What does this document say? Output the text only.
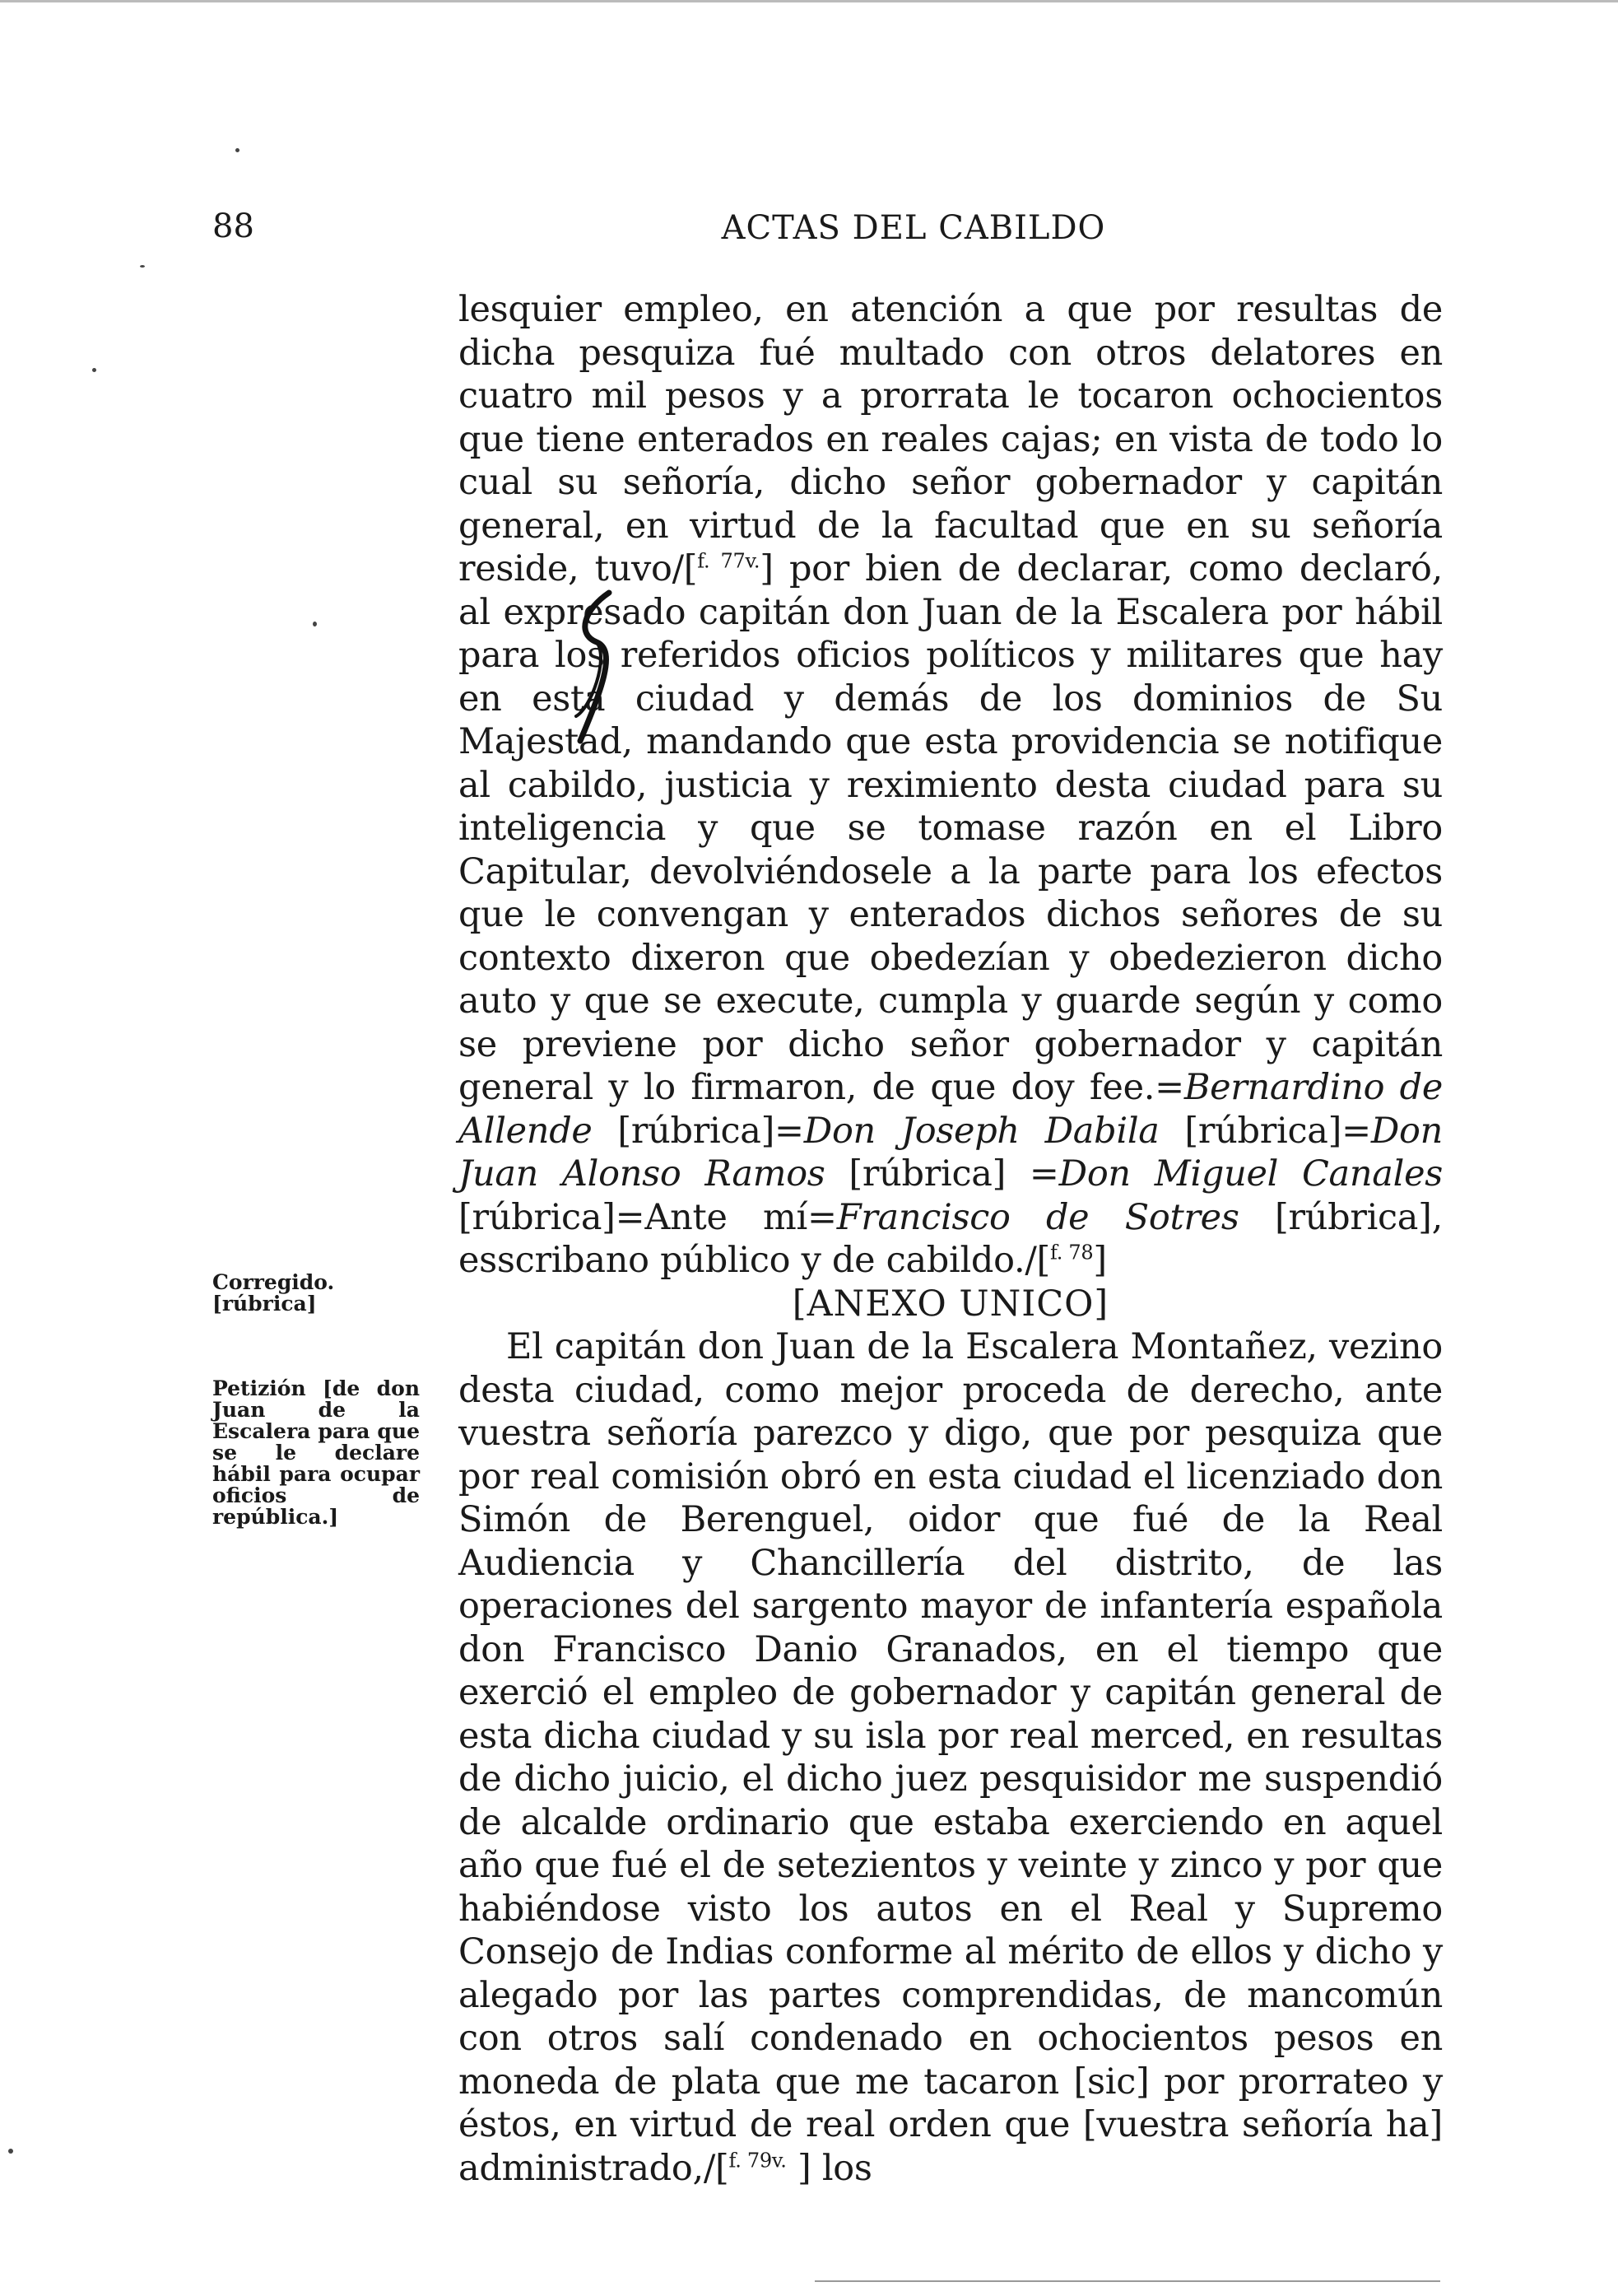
88	ACTAS DEL CABILDO

lesquier empleo, en atención a que por resultas de dicha pesquiza fué multado con otros delatores en cuatro mil pesos y a prorrata le tocaron ochocientos que tiene enterados en reales cajas; en vista de todo lo cual su señoría, dicho señor gobernador y capitán general, en virtud de la facultad que en su señoría reside, tuvo/[$^{f. 77v.}$] por bien de declarar, como declaró, al expresado capitán don Juan de la Escalera por hábil para los referidos oficios políticos y militares que hay en esta ciudad y demás de los dominios de Su Majestad, mandando que esta providencia se notifique al cabildo, justicia y reximiento desta ciudad para su inteligencia y que se tomase razón en el Libro Capitular, devolviéndosele a la parte para los efectos que le convengan y enterados dichos señores de su contexto dixeron que obedezían y obedezieron dicho auto y que se execute, cumpla y guarde según y como se previene por dicho señor gobernador y capitán general y lo firmaron, de que doy fee.=Bernardino de Allende [rúbrica]=Don Joseph Dabila [rúbrica]=Don Juan Alonso Ramos [rúbrica] =Don Miguel Canales [rúbrica]=Ante mí=Francisco de Sotres [rúbrica], esscribano público y de cabildo./[$^{f. 78}$]

[ANEXO UNICO]

El capitán don Juan de la Escalera Montañez, vezino desta ciudad, como mejor proceda de derecho, ante vuestra señoría parezco y digo, que por pesquiza que por real comisión obró en esta ciudad el licenziado don Simón de Berenguel, oidor que fué de la Real Audiencia y Chancillería del distrito, de las operaciones del sargento mayor de infantería española don Francisco Danio Granados, en el tiempo que exerció el empleo de gobernador y capitán general de esta dicha ciudad y su isla por real merced, en resultas de dicho juicio, el dicho juez pesquisidor me suspendió de alcalde ordinario que estaba exerciendo en aquel año que fué el de setezientos y veinte y zinco y por que habiéndose visto los autos en el Real y Supremo Consejo de Indias conforme al mérito de ellos y dicho y alegado por las partes comprendidas, de mancomún con otros salí condenado en ochocientos pesos en moneda de plata que me tacaron [sic] por prorrateo y éstos, en virtud de real orden que [vuestra señoría ha] administrado,/[$^{f. 79v.}$ ] los

Corregido. [rúbrica]
Petizión [de don Juan de la Escalera para que se le declare hábil para ocupar oficios de república.]
